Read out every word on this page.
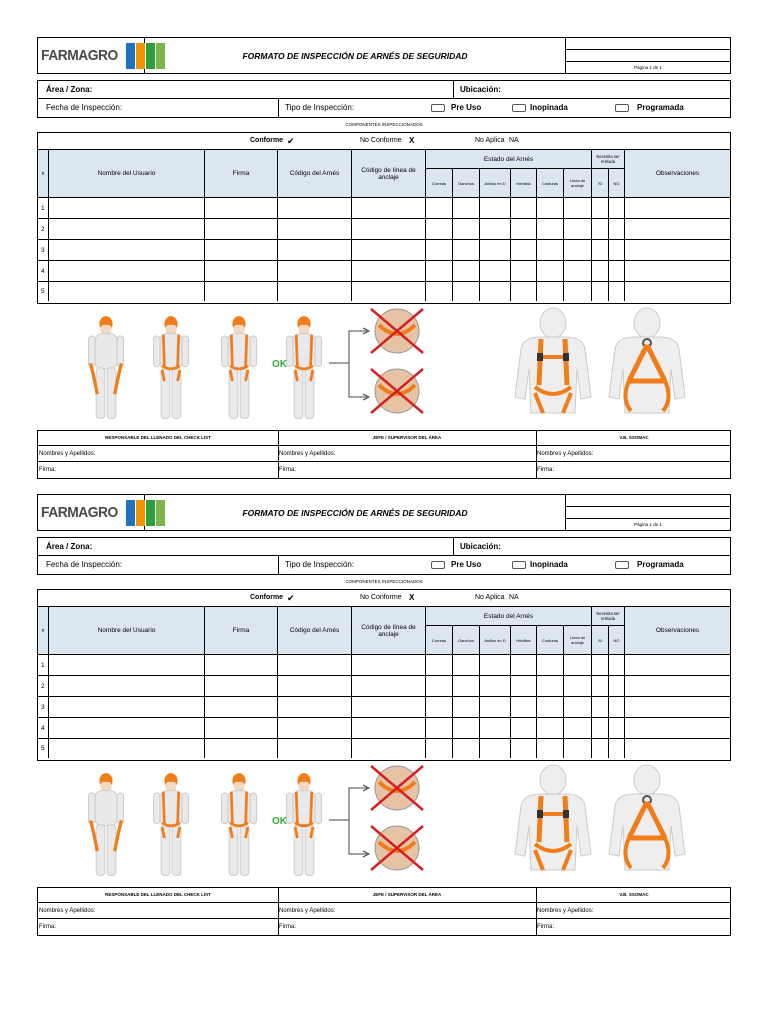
FARMAGRO	FORMATO DE INSPECCIÓN DE ARNÉS DE SEGURIDAD
Página 1 de 1
Área / Zona:	Ubicación:
Fecha de Inspección:	Tipo de Inspección:	Pre Uso	Inopinada	Programada
COMPONENTES INSPECCIONADOS
Conforme ✔	No Conforme X	No Aplica NA
n	Nombre del Usuario	Firma	Código del Arnés	Código de línea de anclaje
Estado del Arnés
Correas	Ganchos	Anillos en D	Hebillas	Costuras	Línea de anclaje
Necesita ser retirada
SI	NO
Observaciones
1
2
3
4
5
OK
RESPONSABLE DEL LLENADO DEL CHECK LIST	JEFE / SUPERVISOR DEL ÁREA	V.B. SSOMAC
Nombres y Apellidos:	Nombres y Apellidos:	Nombres y Apellidos:
Firma:	Firma:	Firma:
FARMAGRO	FORMATO DE INSPECCIÓN DE ARNÉS DE SEGURIDAD
Página 1 de 1
Área / Zona:	Ubicación:
Fecha de Inspección:	Tipo de Inspección:	Pre Uso	Inopinada	Programada
COMPONENTES INSPECCIONADOS
Conforme ✔	No Conforme X	No Aplica NA
n	Nombre del Usuario	Firma	Código del Arnés	Código de línea de anclaje
Estado del Arnés
Correas	Ganchos	Anillos en D	Hebillas	Costuras	Línea de anclaje
Necesita ser retirada
SI	NO
Observaciones
1
2
3
4
5
OK
RESPONSABLE DEL LLENADO DEL CHECK LIST	JEFE / SUPERVISOR DEL ÁREA	V.B. SSOMAC
Nombres y Apellidos:	Nombres y Apellidos:	Nombres y Apellidos:
Firma:	Firma:	Firma:
